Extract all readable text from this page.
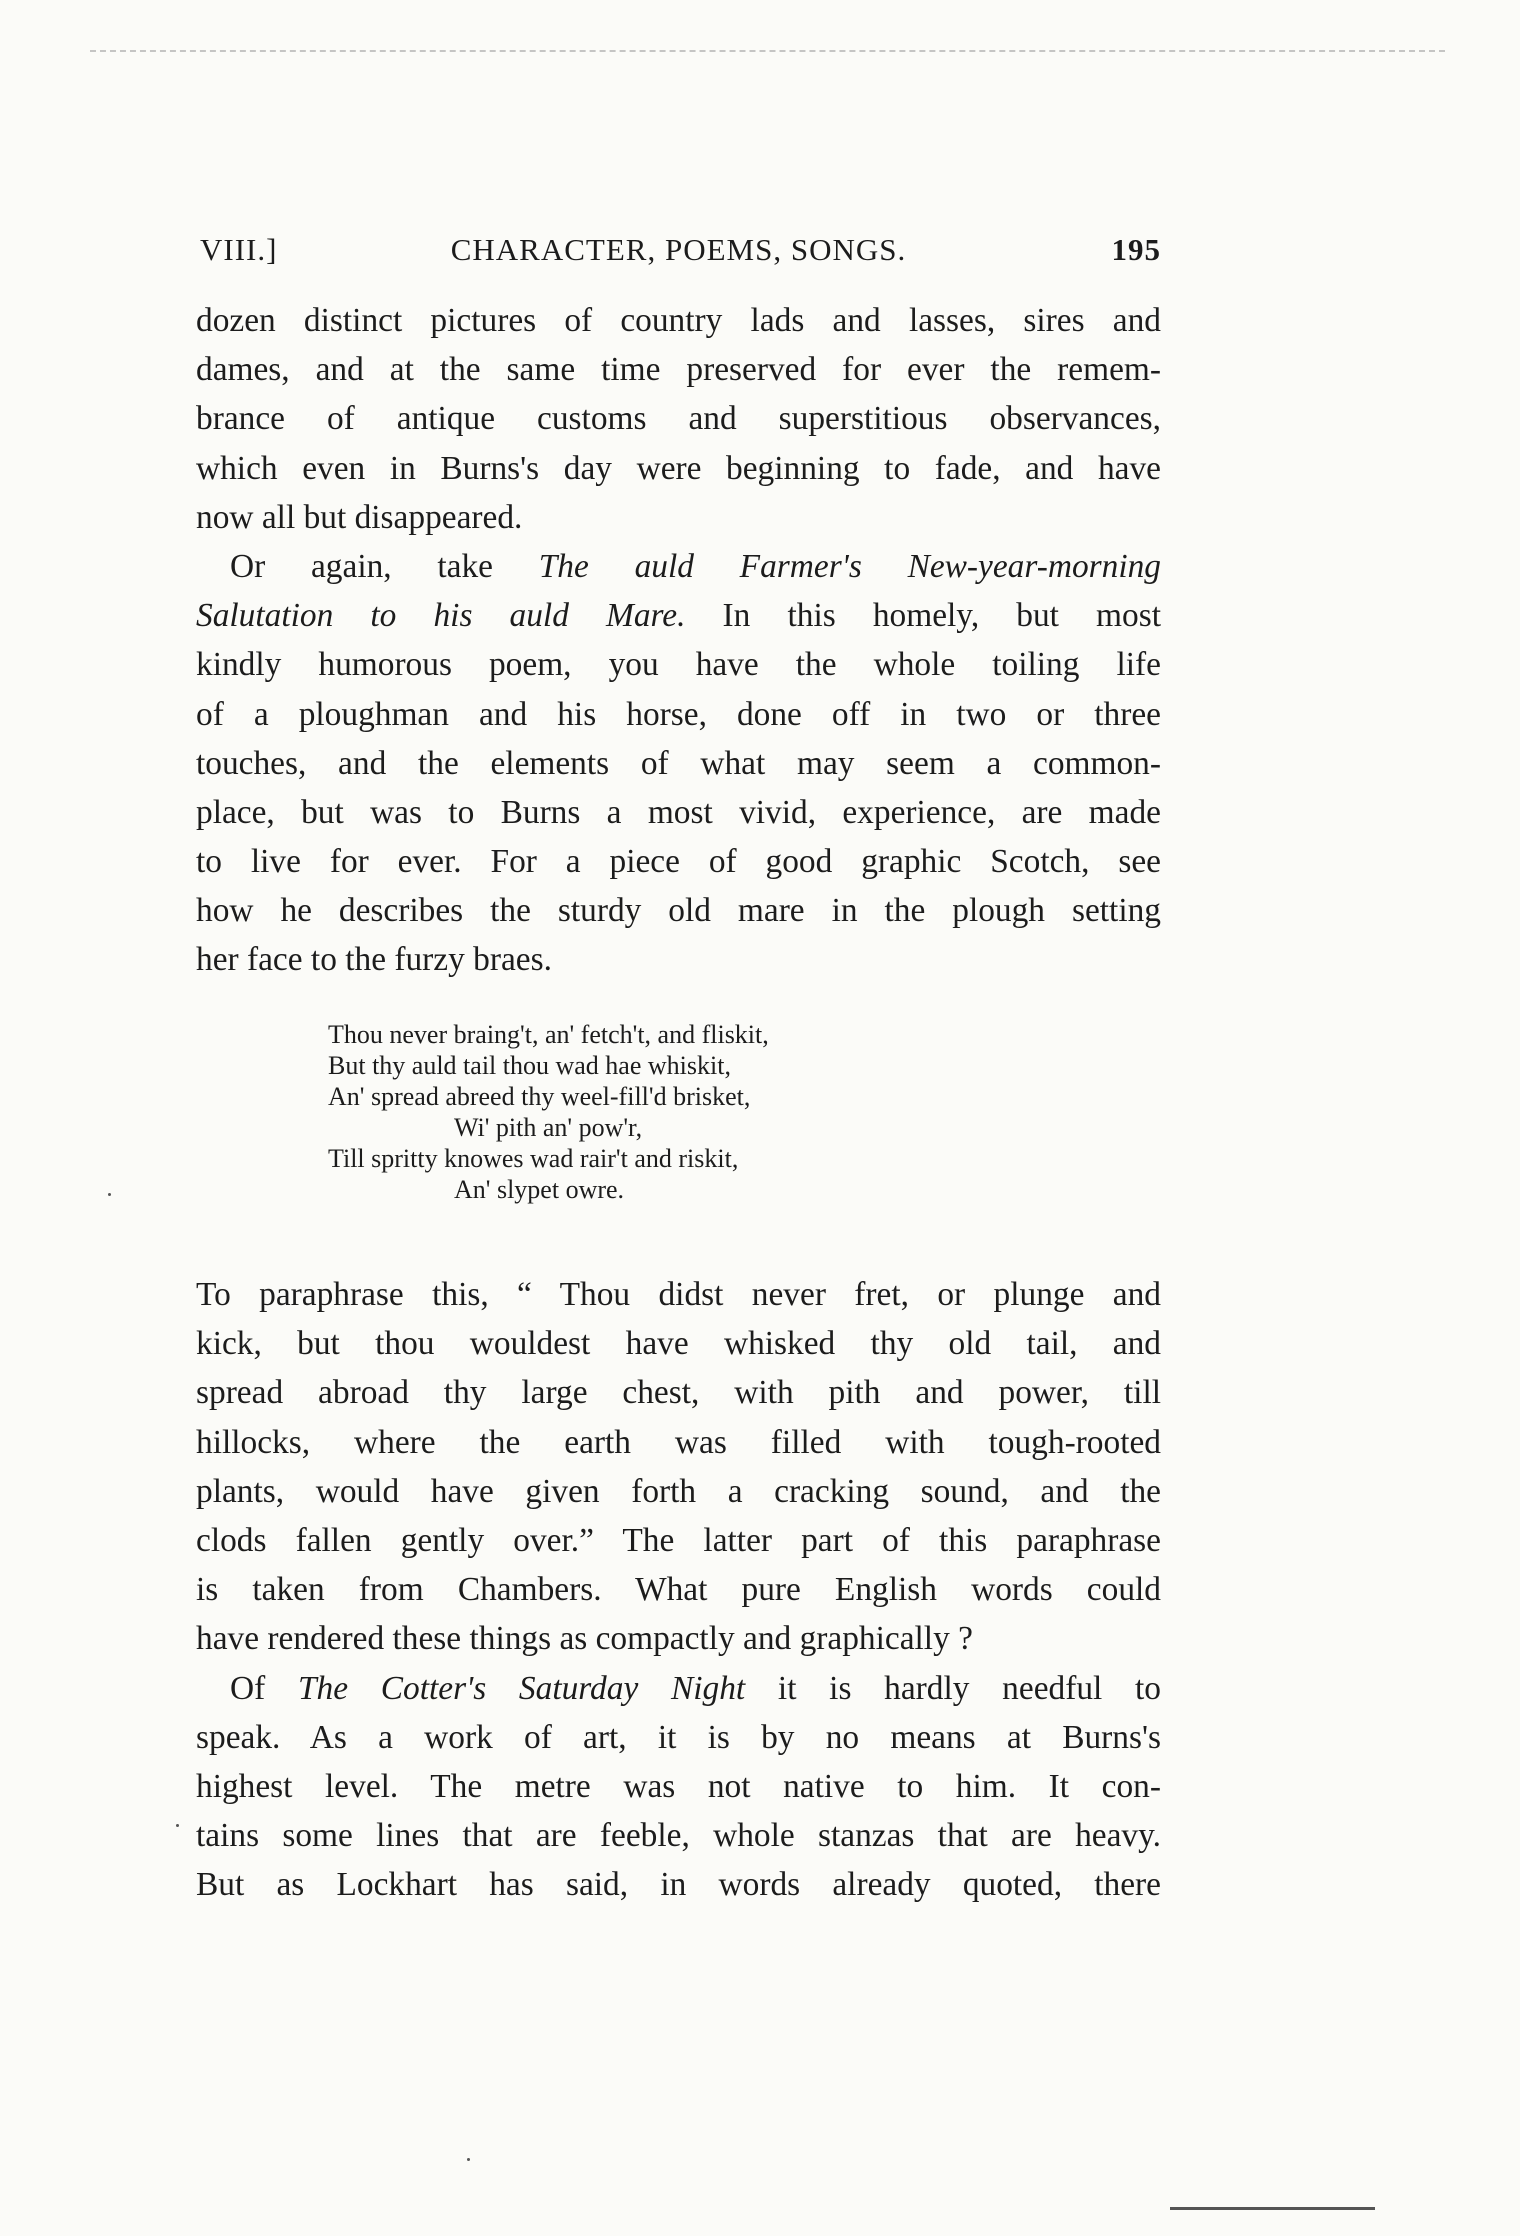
VIII.]	CHARACTER, POEMS, SONGS.	195
dozen distinct pictures of country lads and lasses, sires and
dames, and at the same time preserved for ever the remem-
brance of antique customs and superstitious observances,
which even in Burns's day were beginning to fade, and have
now all but disappeared.
Or again, take The auld Farmer's New-year-morning
Salutation to his auld Mare. In this homely, but most
kindly humorous poem, you have the whole toiling life
of a ploughman and his horse, done off in two or three
touches, and the elements of what may seem a common-
place, but was to Burns a most vivid, experience, are made
to live for ever. For a piece of good graphic Scotch, see
how he describes the sturdy old mare in the plough setting
her face to the furzy braes.
Thou never braing't, an' fetch't, and fliskit,
But thy auld tail thou wad hae whiskit,
An' spread abreed thy weel-fill'd brisket,
Wi' pith an' pow'r,
Till spritty knowes wad rair't and riskit,
An' slypet owre.
To paraphrase this, “ Thou didst never fret, or plunge and
kick, but thou wouldest have whisked thy old tail, and
spread abroad thy large chest, with pith and power, till
hillocks, where the earth was filled with tough-rooted
plants, would have given forth a cracking sound, and the
clods fallen gently over.” The latter part of this paraphrase
is taken from Chambers. What pure English words could
have rendered these things as compactly and graphically ?
Of The Cotter's Saturday Night it is hardly needful to
speak. As a work of art, it is by no means at Burns's
highest level. The metre was not native to him. It con-
tains some lines that are feeble, whole stanzas that are heavy.
But as Lockhart has said, in words already quoted, there
